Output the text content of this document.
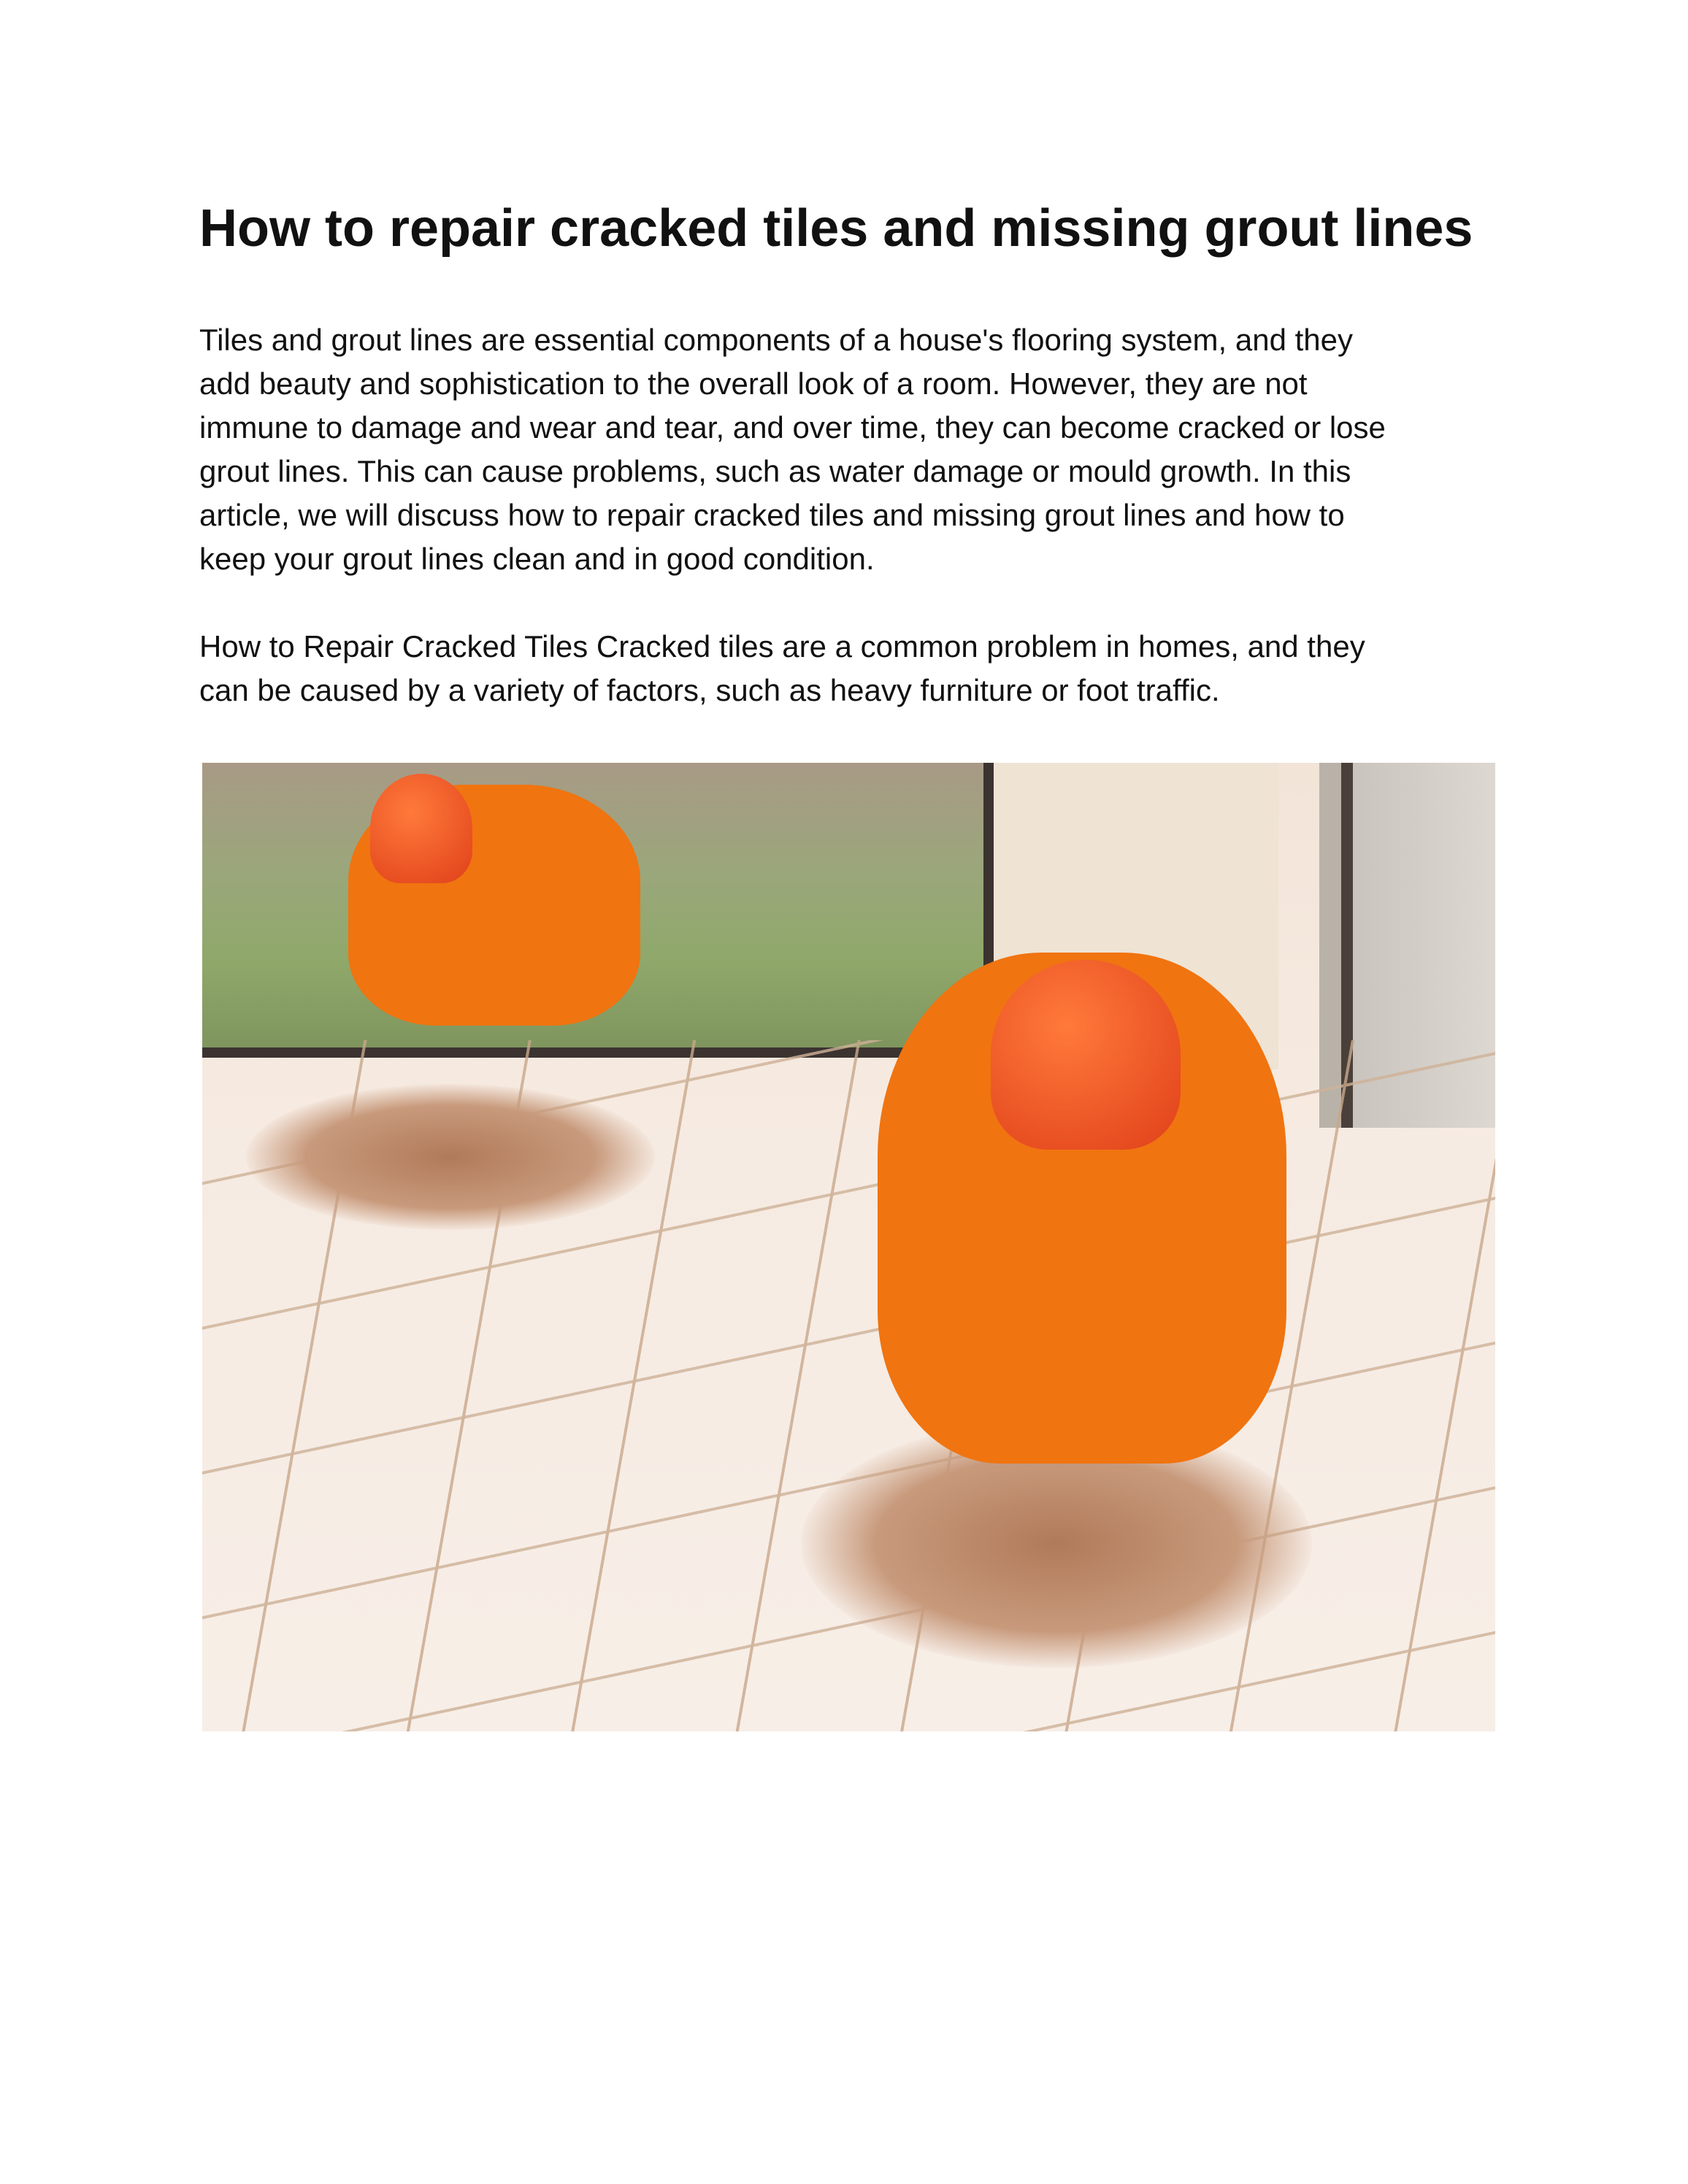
How to repair cracked tiles and missing grout lines
Tiles and grout lines are essential components of a house's flooring system, and they
add beauty and sophistication to the overall look of a room. However, they are not
immune to damage and wear and tear, and over time, they can become cracked or lose
grout lines. This can cause problems, such as water damage or mould growth. In this
article, we will discuss how to repair cracked tiles and missing grout lines and how to
keep your grout lines clean and in good condition.
How to Repair Cracked Tiles Cracked tiles are a common problem in homes, and they
can be caused by a variety of factors, such as heavy furniture or foot traffic.
